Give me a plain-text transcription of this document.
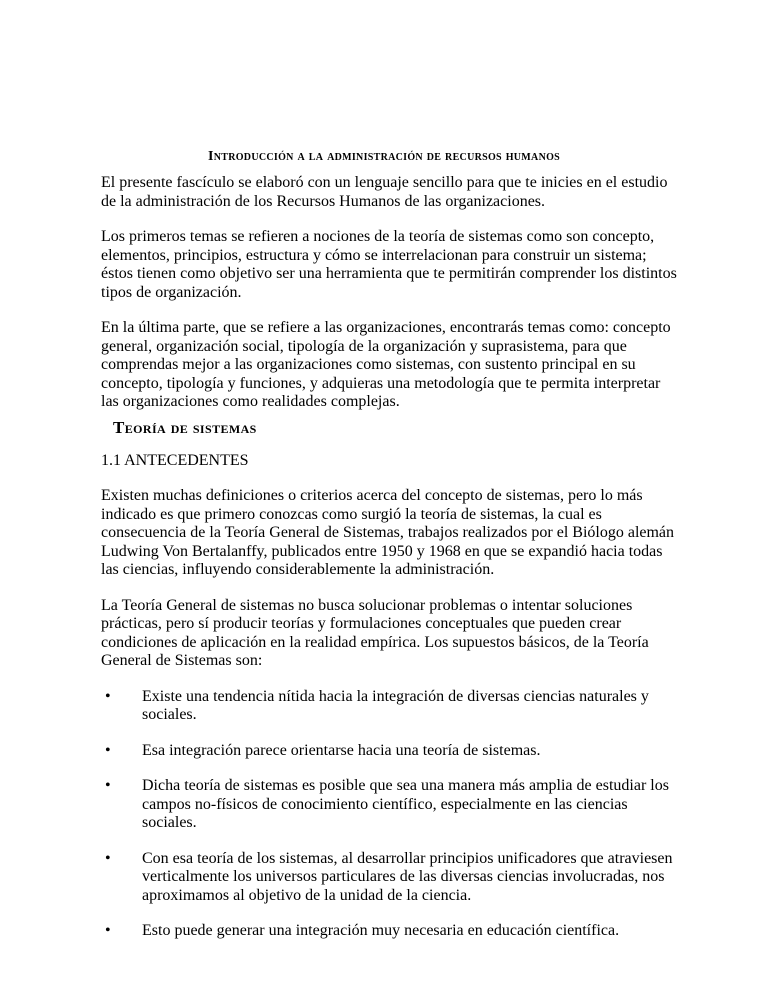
Introducción a la administración de recursos humanos

El presente fascículo se elaboró con un lenguaje sencillo para que te inicies en el estudio de la administración de los Recursos Humanos de las organizaciones.

Los primeros temas se refieren a nociones de la teoría de sistemas como son concepto, elementos, principios, estructura y cómo se interrelacionan para construir un sistema; éstos tienen como objetivo ser una herramienta que te permitirán comprender los distintos tipos de organización.

En la última parte, que se refiere a las organizaciones, encontrarás temas como: concepto general, organización social, tipología de la organización y suprasistema, para que comprendas mejor a las organizaciones como sistemas, con sustento principal en su concepto, tipología y funciones, y adquieras una metodología que te permita interpretar las organizaciones como realidades complejas.

Teoría de sistemas

1.1 ANTECEDENTES

Existen muchas definiciones o criterios acerca del concepto de sistemas, pero lo más indicado es que primero conozcas como surgió la teoría de sistemas, la cual es consecuencia de la Teoría General de Sistemas, trabajos realizados por el Biólogo alemán Ludwing Von Bertalanffy, publicados entre 1950 y 1968 en que se expandió hacia todas las ciencias, influyendo considerablemente la administración.

La Teoría General de sistemas no busca solucionar problemas o intentar soluciones prácticas, pero sí producir teorías y formulaciones conceptuales que pueden crear condiciones de aplicación en la realidad empírica. Los supuestos básicos, de la Teoría General de Sistemas son:

• Existe una tendencia nítida hacia la integración de diversas ciencias naturales y sociales.
• Esa integración parece orientarse hacia una teoría de sistemas.
• Dicha teoría de sistemas es posible que sea una manera más amplia de estudiar los campos no-físicos de conocimiento científico, especialmente en las ciencias sociales.
• Con esa teoría de los sistemas, al desarrollar principios unificadores que atraviesen verticalmente los universos particulares de las diversas ciencias involucradas, nos aproximamos al objetivo de la unidad de la ciencia.
• Esto puede generar una integración muy necesaria en educación científica.
